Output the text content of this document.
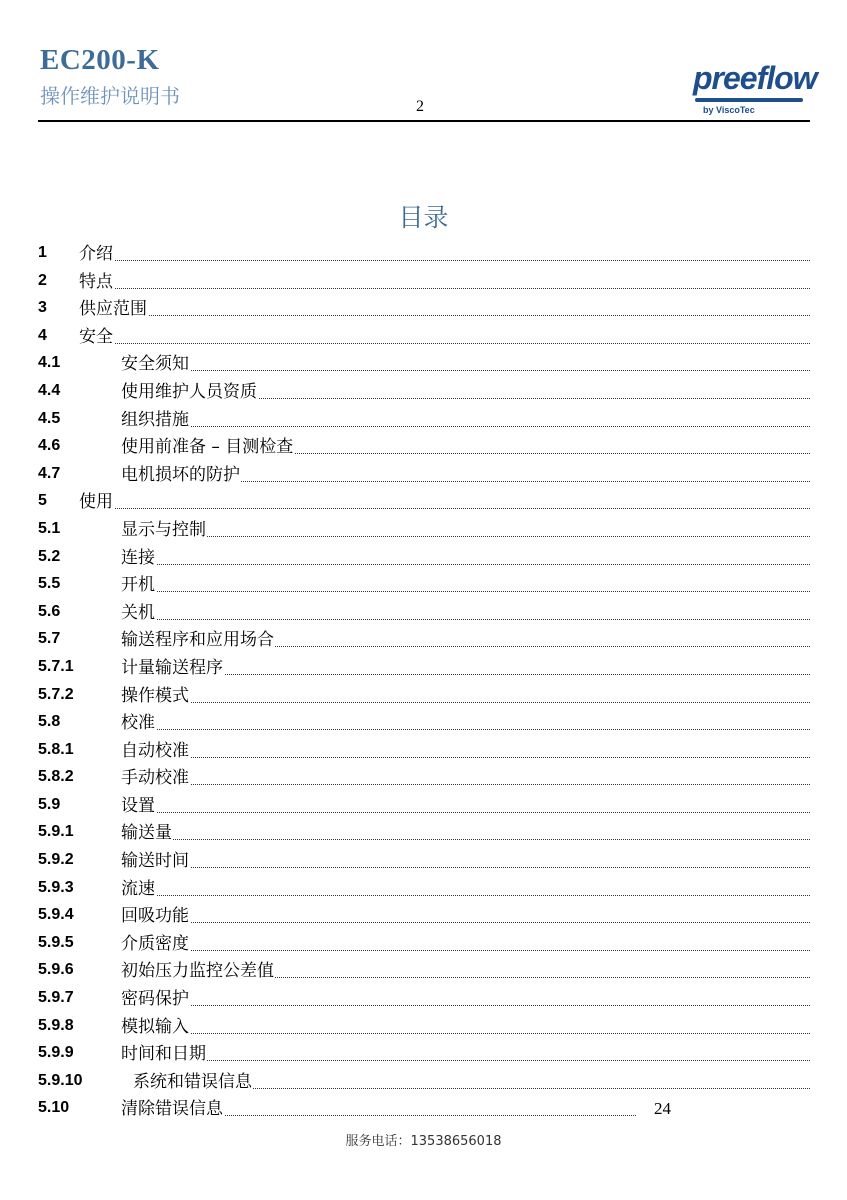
EC200-K
操作维护说明书	2
preeflow
by ViscoTec
目录
1 介绍
2 特点
3 供应范围
4 安全
4.1	安全须知
4.4	使用维护人员资质
4.5	组织措施
4.6	使用前准备 – 目测检查
4.7	电机损坏的防护
5 使用
5.1	显示与控制
5.2	连接
5.5	开机
5.6	关机
5.7	输送程序和应用场合
5.7.1	计量输送程序
5.7.2	操作模式
5.8	校准
5.8.1	自动校准
5.8.2	手动校准
5.9	设置
5.9.1	输送量
5.9.2	输送时间
5.9.3	流速
5.9.4	回吸功能
5.9.5	介质密度
5.9.6	初始压力监控公差值
5.9.7	密码保护
5.9.8	模拟输入
5.9.9	时间和日期
5.9.10	系统和错误信息
5.10	清除错误信息	24
服务电话：13538656018
